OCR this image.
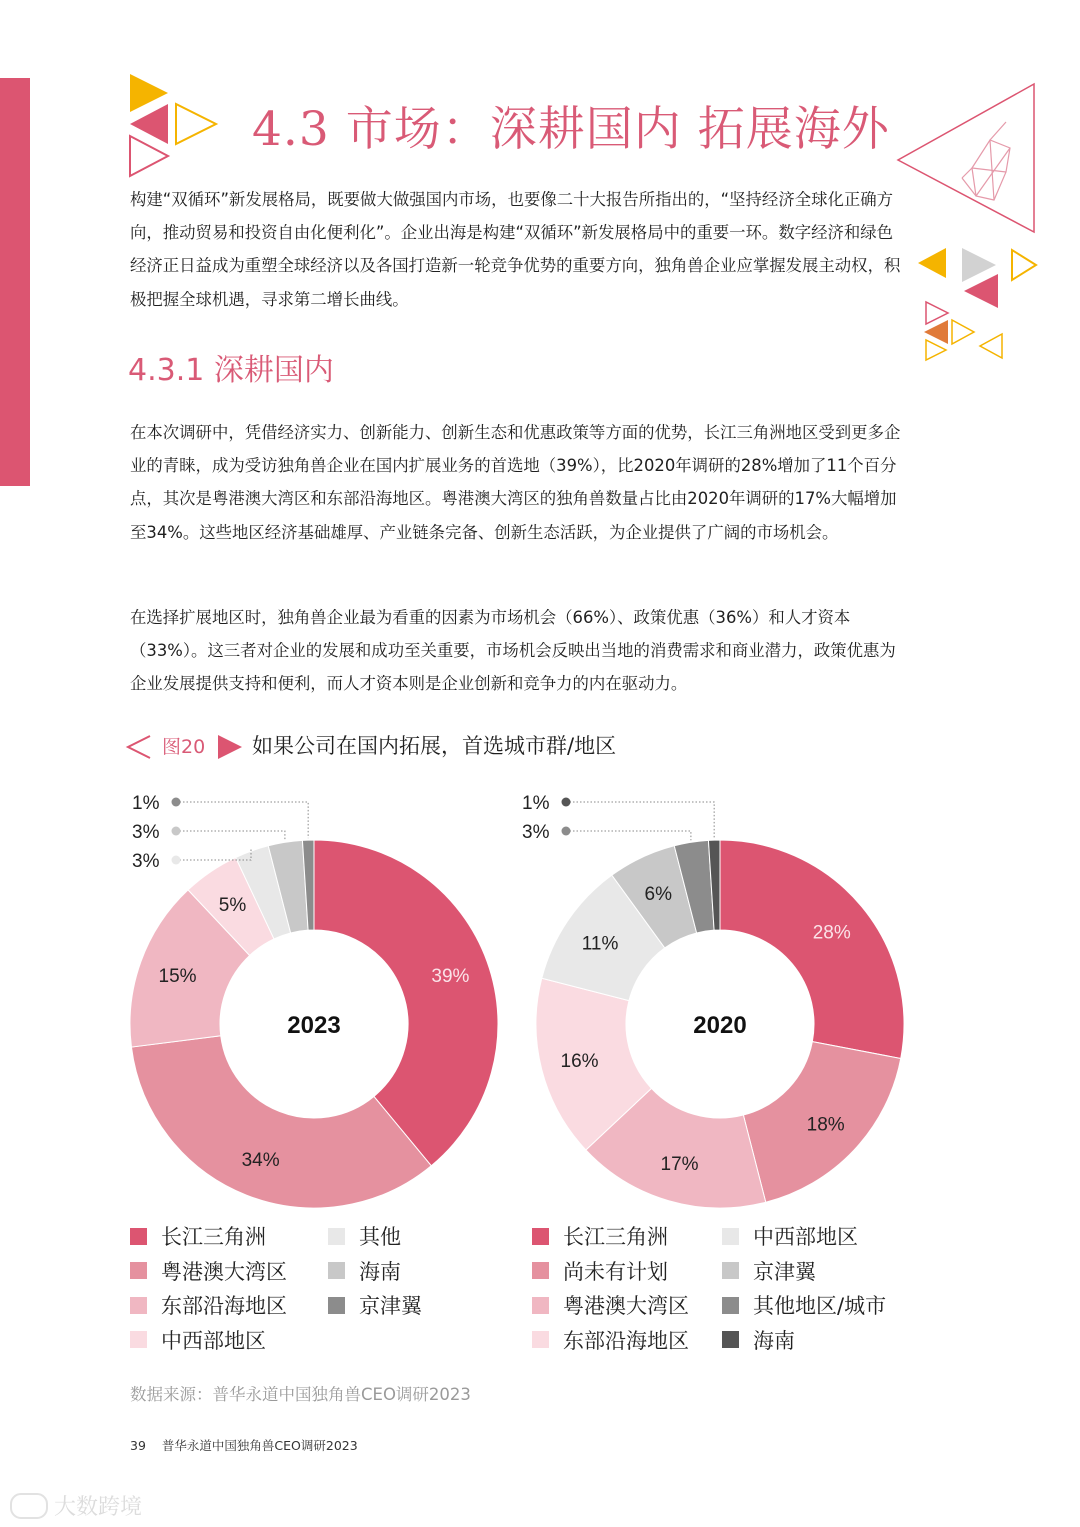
4.3 市场：深耕国内 拓展海外

构建“双循环”新发展格局，既要做大做强国内市场，也要像二十大报告所指出的，“坚持经济全球化正确方向，推动贸易和投资自由化便利化”。企业出海是构建“双循环”新发展格局中的重要一环。数字经济和绿色经济正日益成为重塑全球经济以及各国打造新一轮竞争优势的重要方向，独角兽企业应掌握发展主动权，积极把握全球机遇，寻求第二增长曲线。

4.3.1 深耕国内

在本次调研中，凭借经济实力、创新能力、创新生态和优惠政策等方面的优势，长江三角洲地区受到更多企业的青睐，成为受访独角兽企业在国内扩展业务的首选地（39%），比2020年调研的28%增加了11个百分点，其次是粤港澳大湾区和东部沿海地区。粤港澳大湾区的独角兽数量占比由2020年调研的17%大幅增加至34%。这些地区经济基础雄厚、产业链条完备、创新生态活跃，为企业提供了广阔的市场机会。

在选择扩展地区时，独角兽企业最为看重的因素为市场机会（66%）、政策优惠（36%）和人才资本（33%）。这三者对企业的发展和成功至关重要，市场机会反映出当地的消费需求和商业潜力，政策优惠为企业发展提供支持和便利，而人才资本则是企业创新和竞争力的内在驱动力。

图20 如果公司在国内拓展，首选城市群/地区
2023
39%
34%
15%
5%
1%
3%
3%
2020
28%
18%
17%
16%
11%
6%
1%
3%
长江三角洲
粤港澳大湾区
东部沿海地区
中西部地区
其他
海南
京津翼
长江三角洲
尚未有计划
粤港澳大湾区
东部沿海地区
中西部地区
京津翼
其他地区/城市
海南
数据来源：普华永道中国独角兽CEO调研2023
39 普华永道中国独角兽CEO调研2023
大数跨境
